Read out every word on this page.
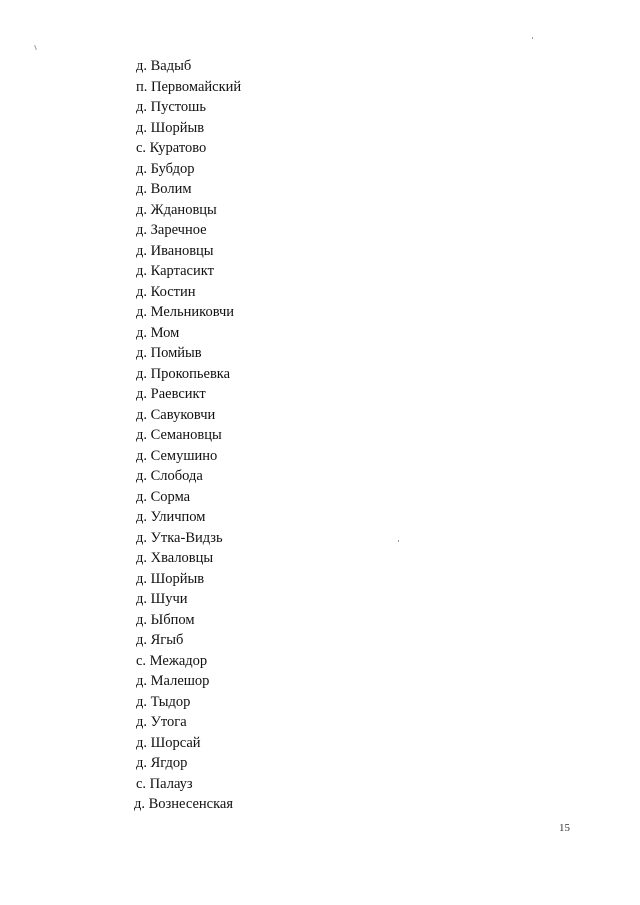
д. Вадыб
п. Первомайский
д. Пустошь
д. Шорйыв
с. Куратово
д. Бубдор
д. Волим
д. Ждановцы
д. Заречное
д. Ивановцы
д. Картасикт
д. Костин
д. Мельниковчи
д. Мом
д. Помйыв
д. Прокопьевка
д. Раевсикт
д. Савуковчи
д. Семановцы
д. Семушино
д. Слобода
д. Сорма
д. Уличпом
д. Утка-Видзь
д. Хваловцы
д. Шорйыв
д. Шучи
д. Ыбпом
д. Ягыб
с. Межадор
д. Малешор
д. Тыдор
д. Утога
д. Шорсай
д. Ягдор
с. Палауз
д. Вознесенская
15
